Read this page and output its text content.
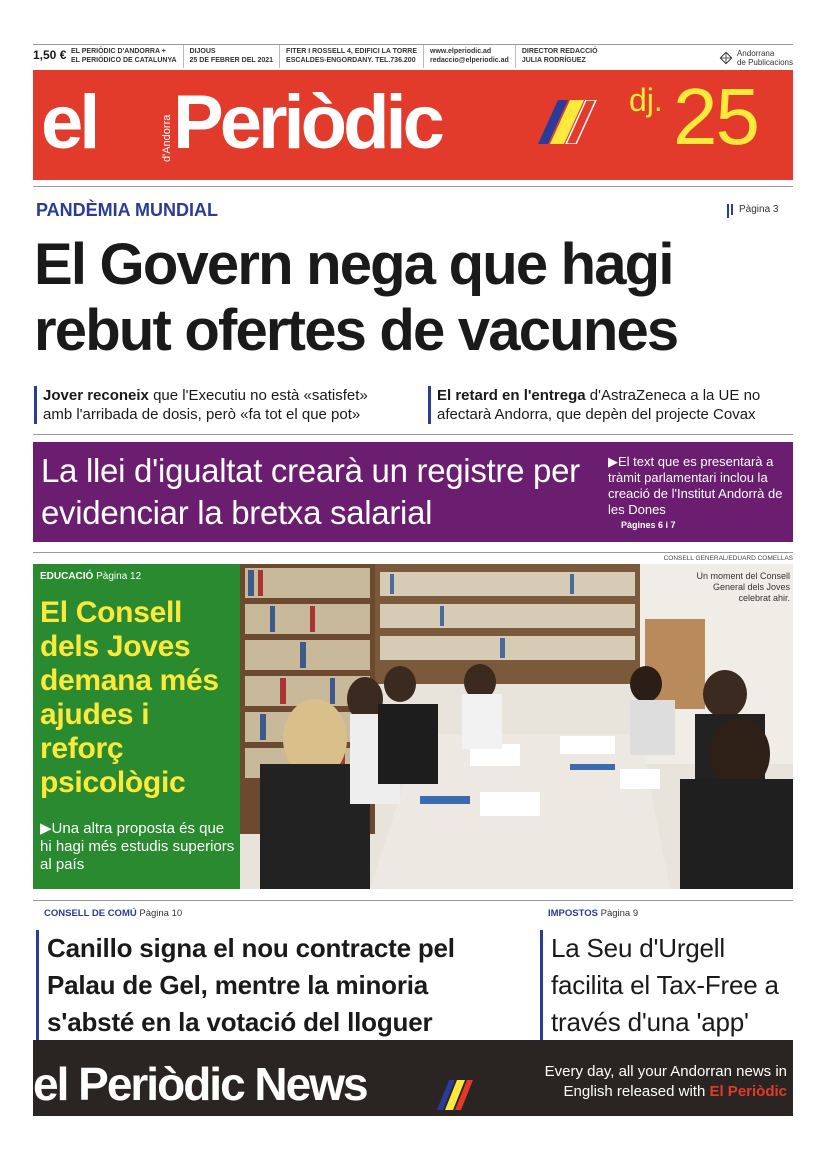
1,50 € EL PERIÒDIC D'ANDORRA +
EL PERIÓDICO DE CATALUNYA
DIJOUS
25 DE FEBRER DEL 2021
FITER I ROSSELL 4, EDIFICI LA TORRE
ESCALDES-ENGORDANY. TEL.736.200
www.elperiodic.ad
redaccio@elperiodic.ad
DIRECTOR REDACCIÓ
JULIA RODRÍGUEZ
Andorrana
de Publicacions
el	d'Andorra Periòdic	dj. 25
PANDÈMIA MUNDIAL	Pàgina 3
El Govern nega que hagi
rebut ofertes de vacunes
Jover reconeix que l'Executiu no està «satisfet» amb l'arribada de dosis, però «fa tot el que pot»
El retard en l'entrega d'AstraZeneca a la UE no afectarà Andorra, que depèn del projecte Covax
La llei d'igualtat crearà un registre per evidenciar la bretxa salarial
▶El text que es presentarà a tràmit parlamentari inclou la creació de l'Institut Andorrà de les Dones
Pàgines 6 i 7
CONSELL GENERAL/EDUARD COMELLAS
EDUCACIÓ Pàgina 12
El Consell dels Joves demana més ajudes i reforç psicològic
▶Una altra proposta és que hi hagi més estudis superiors al país
Un moment del Consell General dels Joves celebrat ahir.
CONSELL DE COMÚ Pàgina 10
Canillo signa el nou contracte pel Palau de Gel, mentre la minoria s'absté en la votació del lloguer
IMPOSTOS Pàgina 9
La Seu d'Urgell facilita el Tax-Free a través d'una 'app'
el Periòdic News	Every day, all your Andorran news in
English released with El Periòdic
